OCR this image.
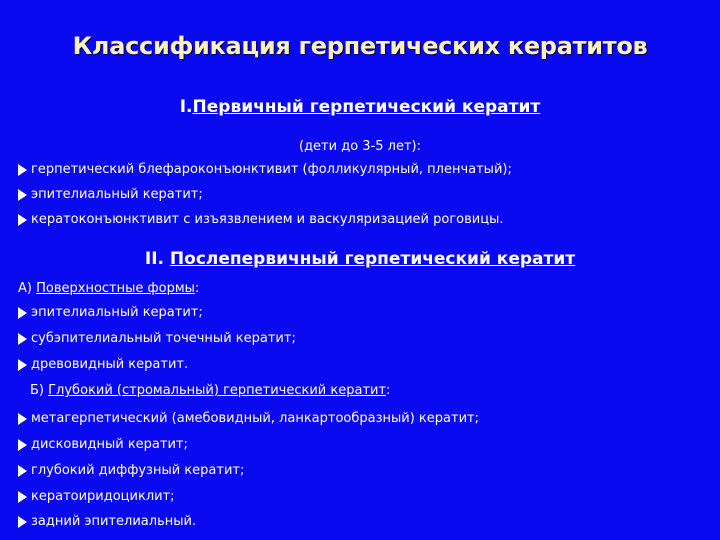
Классификация герпетических кератитов
I.Первичный герпетический кератит
(дети до 3-5 лет):
герпетический блефароконъюнктивит (фолликулярный, пленчатый);
эпителиальный кератит;
кератоконъюнктивит с изъязвлением и васкуляризацией роговицы.
II. Послепервичный герпетический кератит
А) Поверхностные формы:
эпителиальный кератит;
субэпителиальный точечный кератит;
древовидный кератит.
Б) Глубокий (стромальный) герпетический кератит:
метагерпетический (амебовидный, ланкартообразный) кератит;
дисковидный кератит;
глубокий диффузный кератит;
кератоиридоциклит;
задний эпителиальный.
